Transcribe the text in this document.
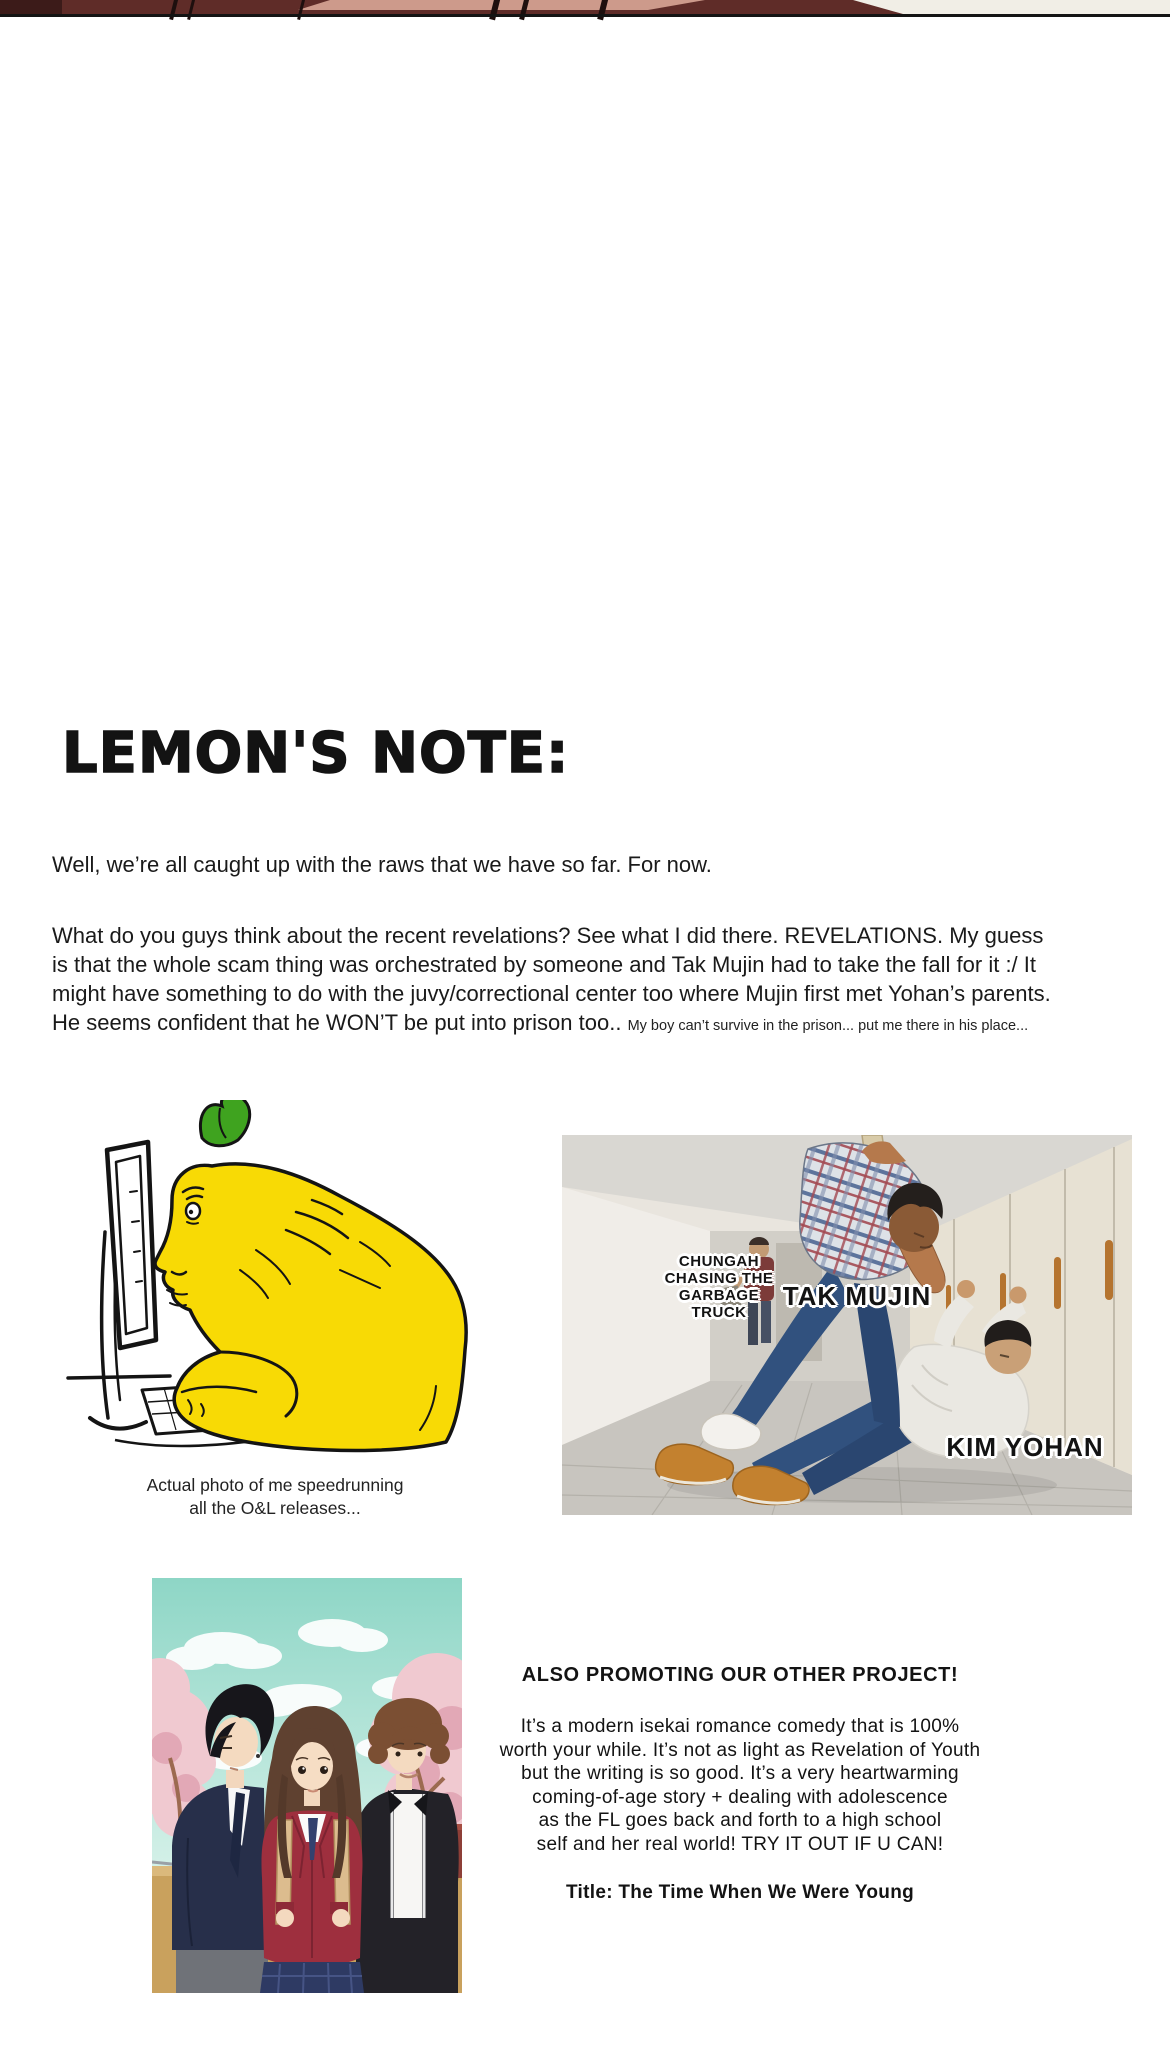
LEMON'S NOTE:
Well, we’re all caught up with the raws that we have so far. For now.
What do you guys think about the recent revelations? See what I did there. REVELATIONS. My guess is that the whole scam thing was orchestrated by someone and Tak Mujin had to take the fall for it :/ It might have something to do with the juvy/correctional center too where Mujin first met Yohan’s parents. He seems confident that he WON’T be put into prison too.. My boy can’t survive in the prison... put me there in his place...
Actual photo of me speedrunning
all the O&L releases...
CHUNGAH CHASING THE GARBAGE TRUCK
TAK MUJIN
KIM YOHAN
ALSO PROMOTING OUR OTHER PROJECT!
It’s a modern isekai romance comedy that is 100%
worth your while. It’s not as light as Revelation of Youth
but the writing is so good. It’s a very heartwarming
coming-of-age story + dealing with adolescence
as the FL goes back and forth to a high school
self and her real world! TRY IT OUT IF U CAN!
Title: The Time When We Were Young
